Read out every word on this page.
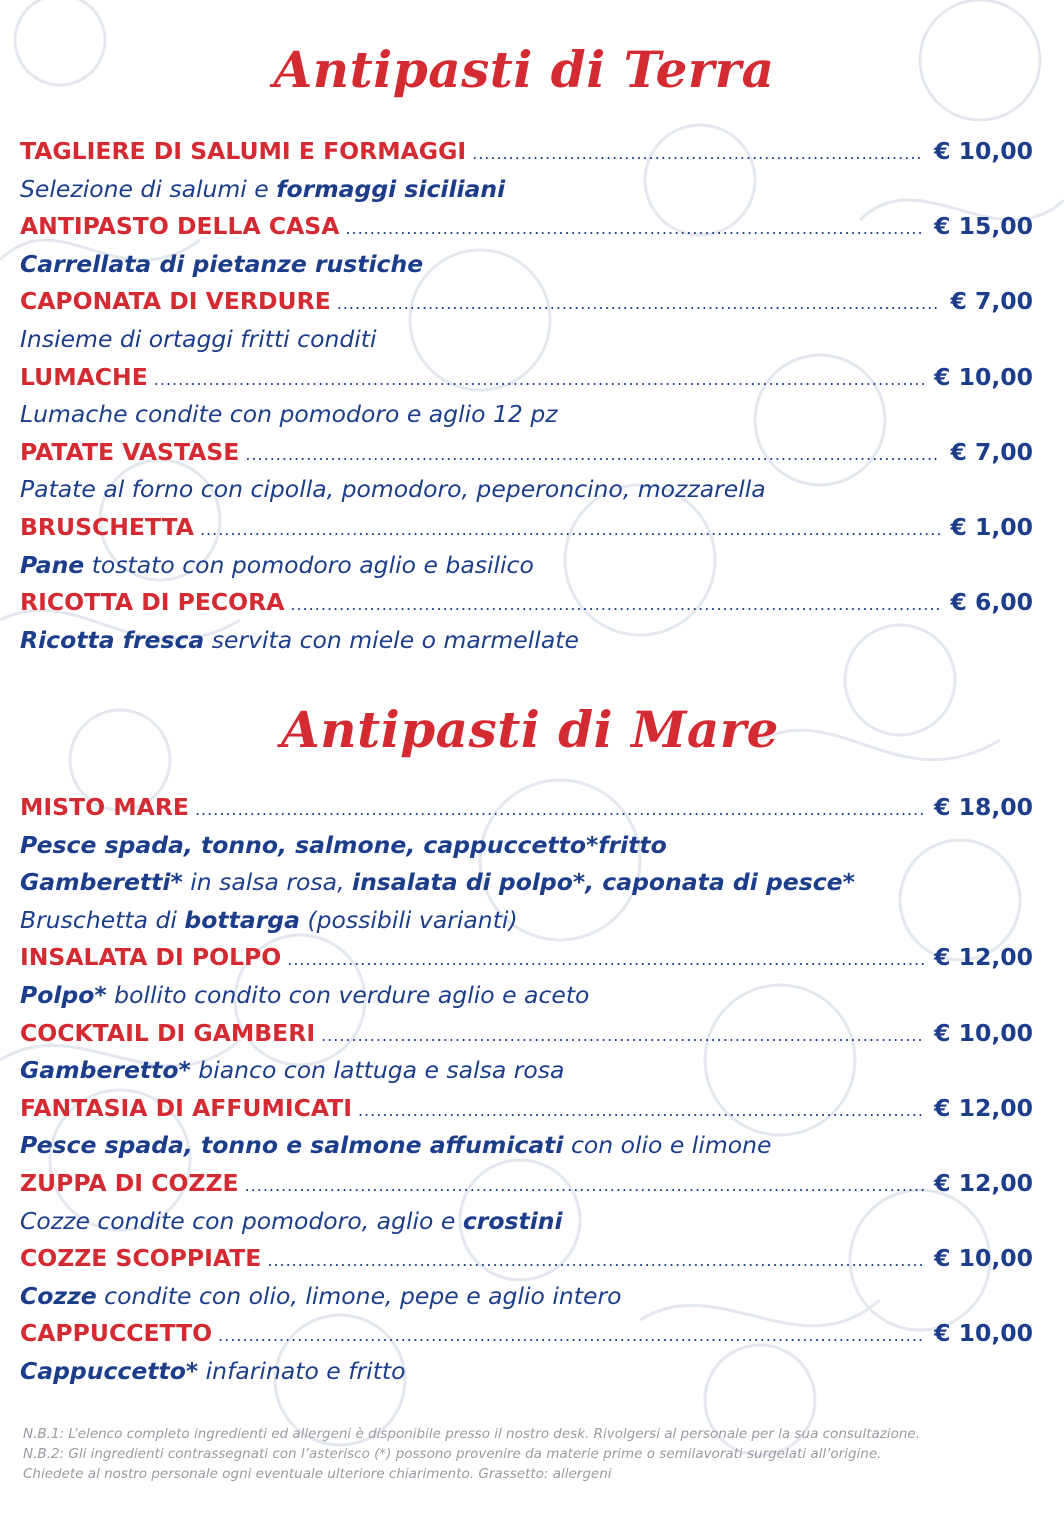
Antipasti di Terra
TAGLIERE DI SALUMI E FORMAGGI .....	€ 10,00
Selezione di salumi e formaggi siciliani
ANTIPASTO DELLA CASA .....	€ 15,00
Carrellata di pietanze rustiche
CAPONATA DI VERDURE .....	€ 7,00
Insieme di ortaggi fritti conditi
LUMACHE .....	€ 10,00
Lumache condite con pomodoro e aglio 12 pz
PATATE VASTASE .....	€ 7,00
Patate al forno con cipolla, pomodoro, peperoncino, mozzarella
BRUSCHETTA .....	€ 1,00
Pane tostato con pomodoro aglio e basilico
RICOTTA DI PECORA .....	€ 6,00
Ricotta fresca servita con miele o marmellate
Antipasti di Mare
MISTO MARE .....	€ 18,00
Pesce spada, tonno, salmone, cappuccetto*fritto
Gamberetti* in salsa rosa, insalata di polpo*, caponata di pesce*
Bruschetta di bottarga (possibili varianti)
INSALATA DI POLPO .....	€ 12,00
Polpo* bollito condito con verdure aglio e aceto
COCKTAIL DI GAMBERI .....	€ 10,00
Gamberetto* bianco con lattuga e salsa rosa
FANTASIA DI AFFUMICATI .....	€ 12,00
Pesce spada, tonno e salmone affumicati con olio e limone
ZUPPA DI COZZE .....	€ 12,00
Cozze condite con pomodoro, aglio e crostini
COZZE SCOPPIATE .....	€ 10,00
Cozze condite con olio, limone, pepe e aglio intero
CAPPUCCETTO .....	€ 10,00
Cappuccetto* infarinato e fritto
N.B.1: L’elenco completo ingredienti ed allergeni è disponibile presso il nostro desk. Rivolgersi al personale per la sua consultazione.
N.B.2: Gli ingredienti contrassegnati con l’asterisco (*) possono provenire da materie prime o semilavorati surgelati all’origine.
Chiedete al nostro personale ogni eventuale ulteriore chiarimento. Grassetto: allergeni
